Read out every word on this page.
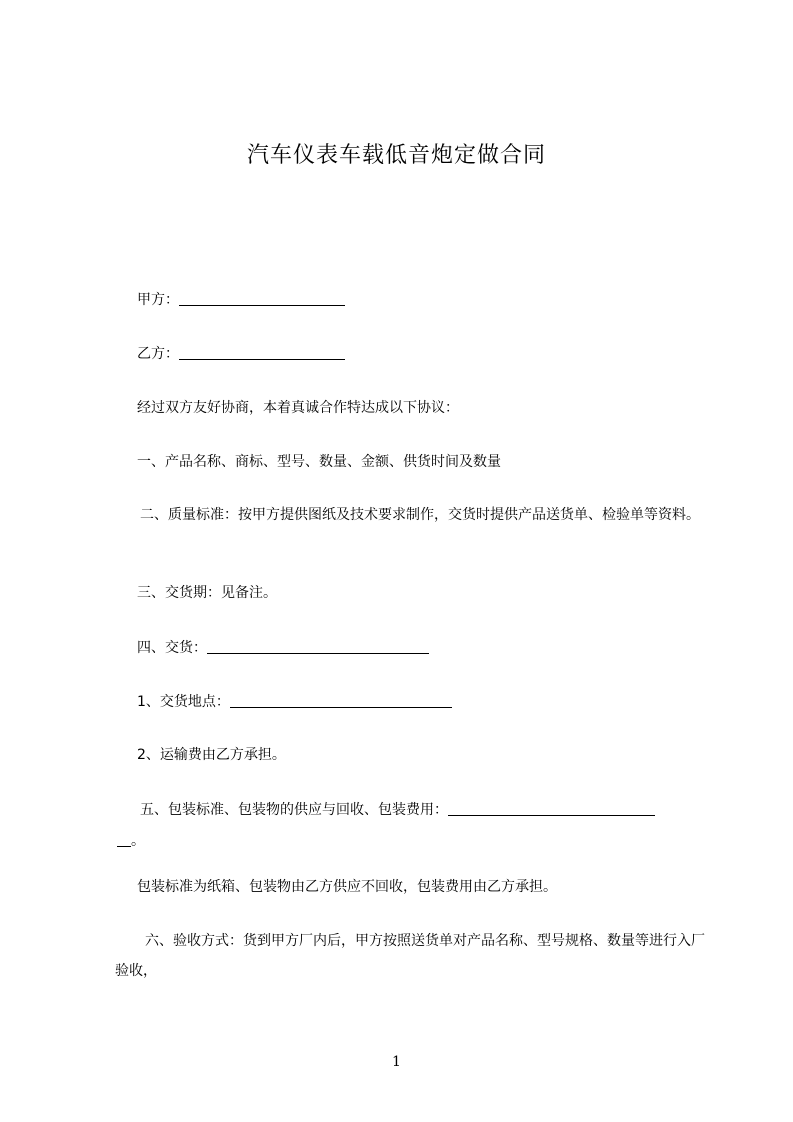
汽车仪表车载低音炮定做合同
甲方：
乙方：
经过双方友好协商，本着真诚合作特达成以下协议：
一、产品名称、商标、型号、数量、金额、供货时间及数量
二、质量标准：按甲方提供图纸及技术要求制作，交货时提供产品送货单、检验单等资料。
三、交货期：见备注。
四、交货：
1、交货地点：
2、运输费由乙方承担。
五、包装标准、包装物的供应与回收、包装费用：
。
包装标准为纸箱、包装物由乙方供应不回收，包装费用由乙方承担。
六、验收方式：货到甲方厂内后，甲方按照送货单对产品名称、型号规格、数量等进行入厂验收，
1
